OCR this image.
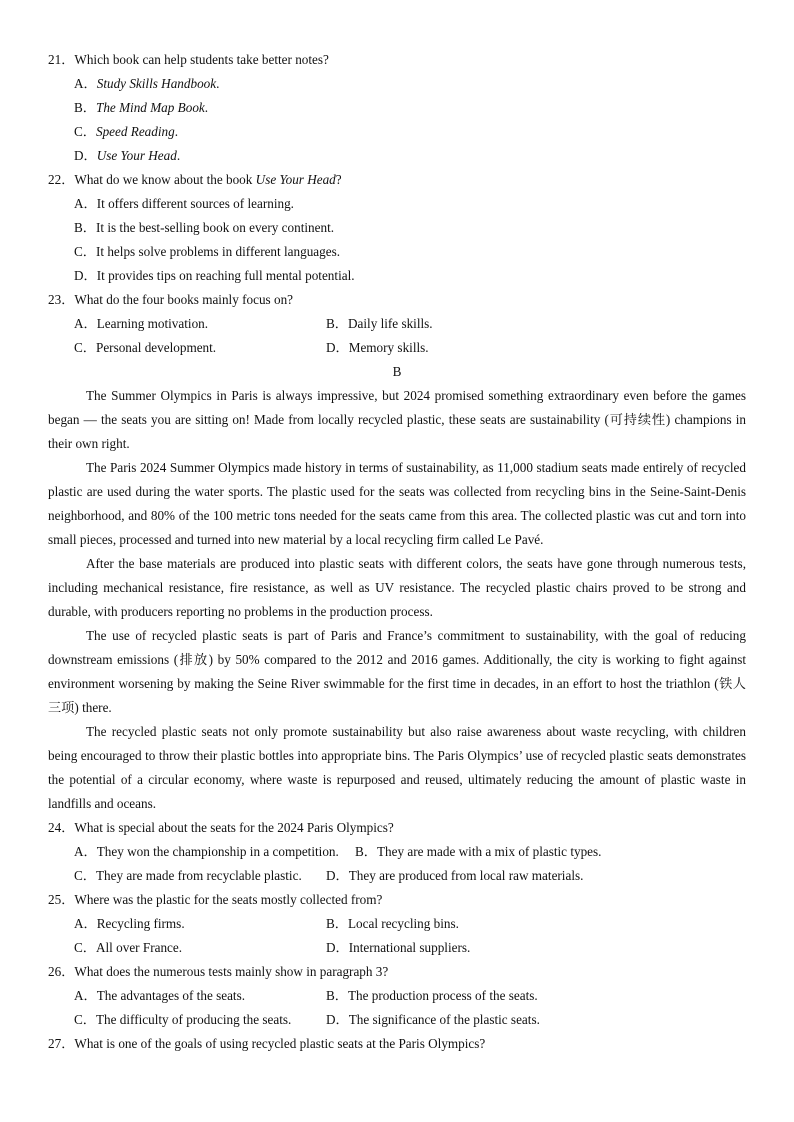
21．Which book can help students take better notes?
A．Study Skills Handbook.
B．The Mind Map Book.
C．Speed Reading.
D．Use Your Head.
22．What do we know about the book Use Your Head?
A．It offers different sources of learning.
B．It is the best-selling book on every continent.
C．It helps solve problems in different languages.
D．It provides tips on reaching full mental potential.
23．What do the four books mainly focus on?
A．Learning motivation.	B．Daily life skills.
C．Personal development.	D．Memory skills.
B

The Summer Olympics in Paris is always impressive, but 2024 promised something extraordinary even before the games began — the seats you are sitting on! Made from locally recycled plastic, these seats are sustainability (可持续性) champions in their own right.

The Paris 2024 Summer Olympics made history in terms of sustainability, as 11,000 stadium seats made entirely of recycled plastic are used during the water sports. The plastic used for the seats was collected from recycling bins in the Seine-Saint-Denis neighborhood, and 80% of the 100 metric tons needed for the seats came from this area. The collected plastic was cut and torn into small pieces, processed and turned into new material by a local recycling firm called Le Pavé.

After the base materials are produced into plastic seats with different colors, the seats have gone through numerous tests, including mechanical resistance, fire resistance, as well as UV resistance. The recycled plastic chairs proved to be strong and durable, with producers reporting no problems in the production process.

The use of recycled plastic seats is part of Paris and France’s commitment to sustainability, with the goal of reducing downstream emissions (排放) by 50% compared to the 2012 and 2016 games. Additionally, the city is working to fight against environment worsening by making the Seine River swimmable for the first time in decades, in an effort to host the triathlon (铁人三项) there.

The recycled plastic seats not only promote sustainability but also raise awareness about waste recycling, with children being encouraged to throw their plastic bottles into appropriate bins. The Paris Olympics’ use of recycled plastic seats demonstrates the potential of a circular economy, where waste is repurposed and reused, ultimately reducing the amount of plastic waste in landfills and oceans.

24．What is special about the seats for the 2024 Paris Olympics?
A．They won the championship in a competition.	B．They are made with a mix of plastic types.
C．They are made from recyclable plastic.	D．They are produced from local raw materials.
25．Where was the plastic for the seats mostly collected from?
A．Recycling firms.	B．Local recycling bins.
C．All over France.	D．International suppliers.
26．What does the numerous tests mainly show in paragraph 3?
A．The advantages of the seats.	B．The production process of the seats.
C．The difficulty of producing the seats.	D．The significance of the plastic seats.
27．What is one of the goals of using recycled plastic seats at the Paris Olympics?
